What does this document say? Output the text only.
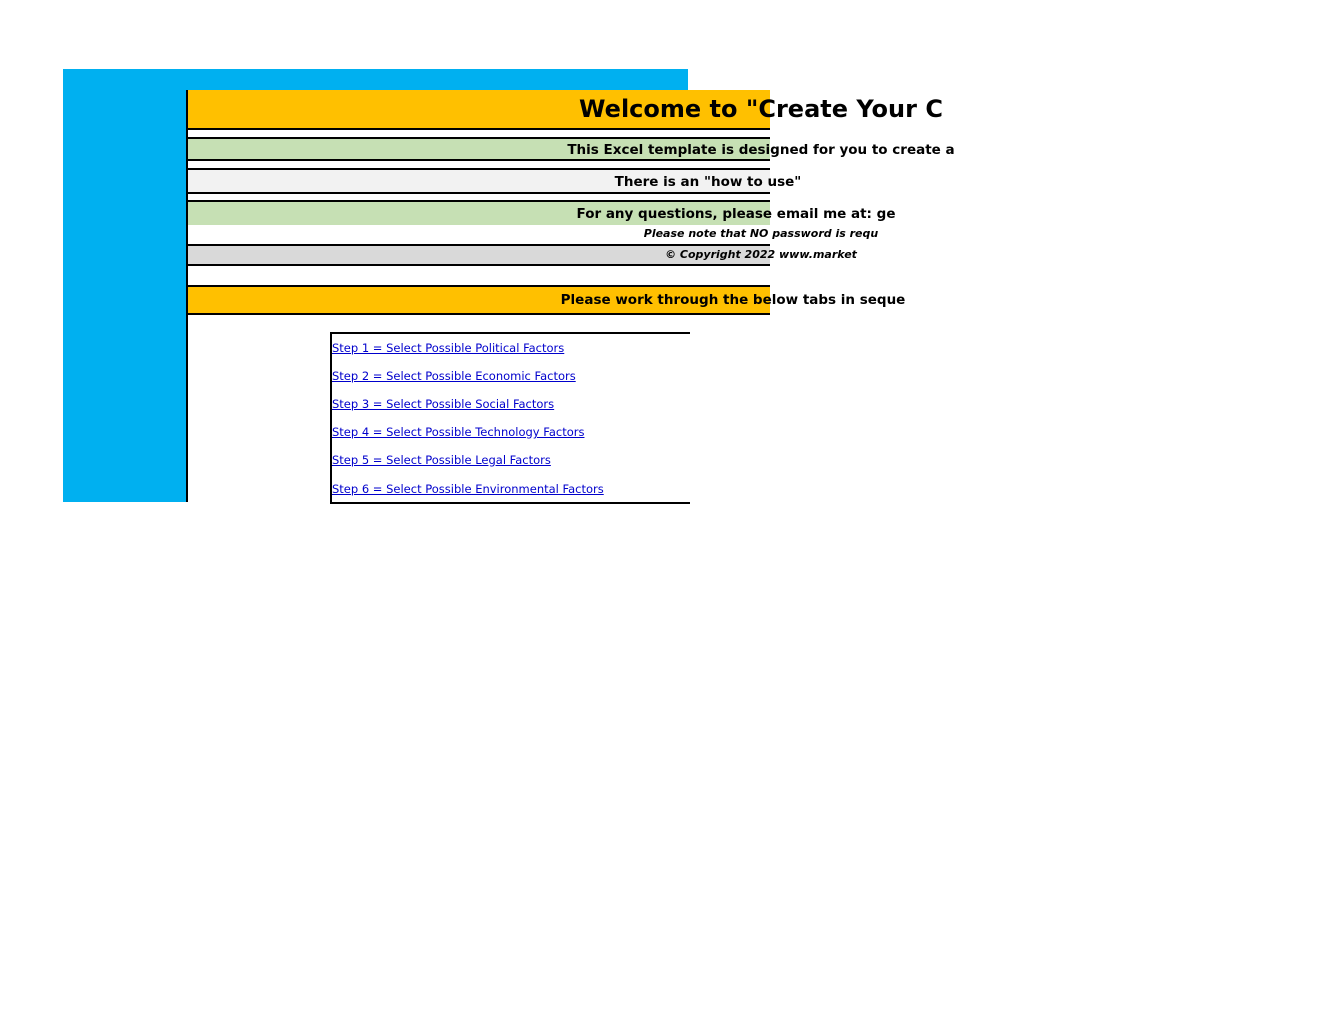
Welcome to "Create Your C
This Excel template is designed for you to create a
There is an "how to use"
For any questions, please email me at: ge
Please note that NO password is requ
© Copyright 2022 www.market
Please work through the below tabs in seque
Step 1 = Select Possible Political Factors
Step 2 = Select Possible Economic Factors
Step 3 = Select Possible Social Factors
Step 4 = Select Possible Technology Factors
Step 5 = Select Possible Legal Factors
Step 6 = Select Possible Environmental Factors
